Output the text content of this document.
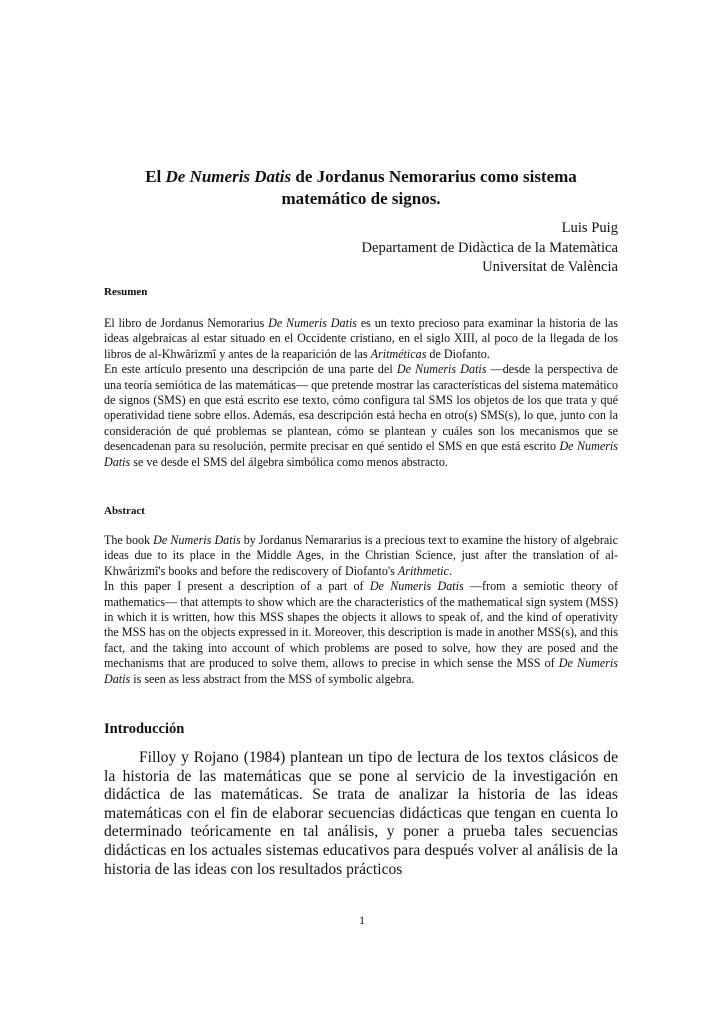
El De Numeris Datis de Jordanus Nemorarius como sistema matemático de signos.
Luis Puig
Departament de Didàctica de la Matemàtica
Universitat de València
Resumen

El libro de Jordanus Nemorarius De Numeris Datis es un texto precioso para examinar la historia de las ideas algebraicas al estar situado en el Occidente cristiano, en el siglo XIII, al poco de la llegada de los libros de al-Khwârizmî y antes de la reaparición de las Aritméticas de Diofanto.

En este artículo presento una descripción de una parte del De Numeris Datis —desde la perspectiva de una teoría semiótica de las matemáticas— que pretende mostrar las características del sistema matemático de signos (SMS) en que está escrito ese texto, cómo configura tal SMS los objetos de los que trata y qué operatividad tiene sobre ellos. Además, esa descripción está hecha en otro(s) SMS(s), lo que, junto con la consideración de qué problemas se plantean, cómo se plantean y cuáles son los mecanismos que se desencadenan para su resolución, permite precisar en qué sentido el SMS en que está escrito De Numeris Datis se ve desde el SMS del álgebra simbólica como menos abstracto.

Abstract

The book De Numeris Datis by Jordanus Nemararius is a precious text to examine the history of algebraic ideas due to its place in the Middle Ages, in the Christian Science, just after the translation of al-Khwârizmî's books and before the rediscovery of Diofanto's Arithmetic.

In this paper I present a description of a part of De Numeris Datis —from a semiotic theory of mathematics— that attempts to show which are the characteristics of the mathematical sign system (MSS) in which it is written, how this MSS shapes the objects it allows to speak of, and the kind of operativity the MSS has on the objects expressed in it. Moreover, this description is made in another MSS(s), and this fact, and the taking into account of which problems are posed to solve, how they are posed and the mechanisms that are produced to solve them, allows to precise in which sense the MSS of De Numeris Datis is seen as less abstract from the MSS of symbolic algebra.

Introducción

Filloy y Rojano (1984) plantean un tipo de lectura de los textos clásicos de la historia de las matemáticas que se pone al servicio de la investigación en didáctica de las matemáticas. Se trata de analizar la historia de las ideas matemáticas con el fin de elaborar secuencias didácticas que tengan en cuenta lo determinado teóricamente en tal análisis, y poner a prueba tales secuencias didácticas en los actuales sistemas educativos para después volver al análisis de la historia de las ideas con los resultados prácticos

1
